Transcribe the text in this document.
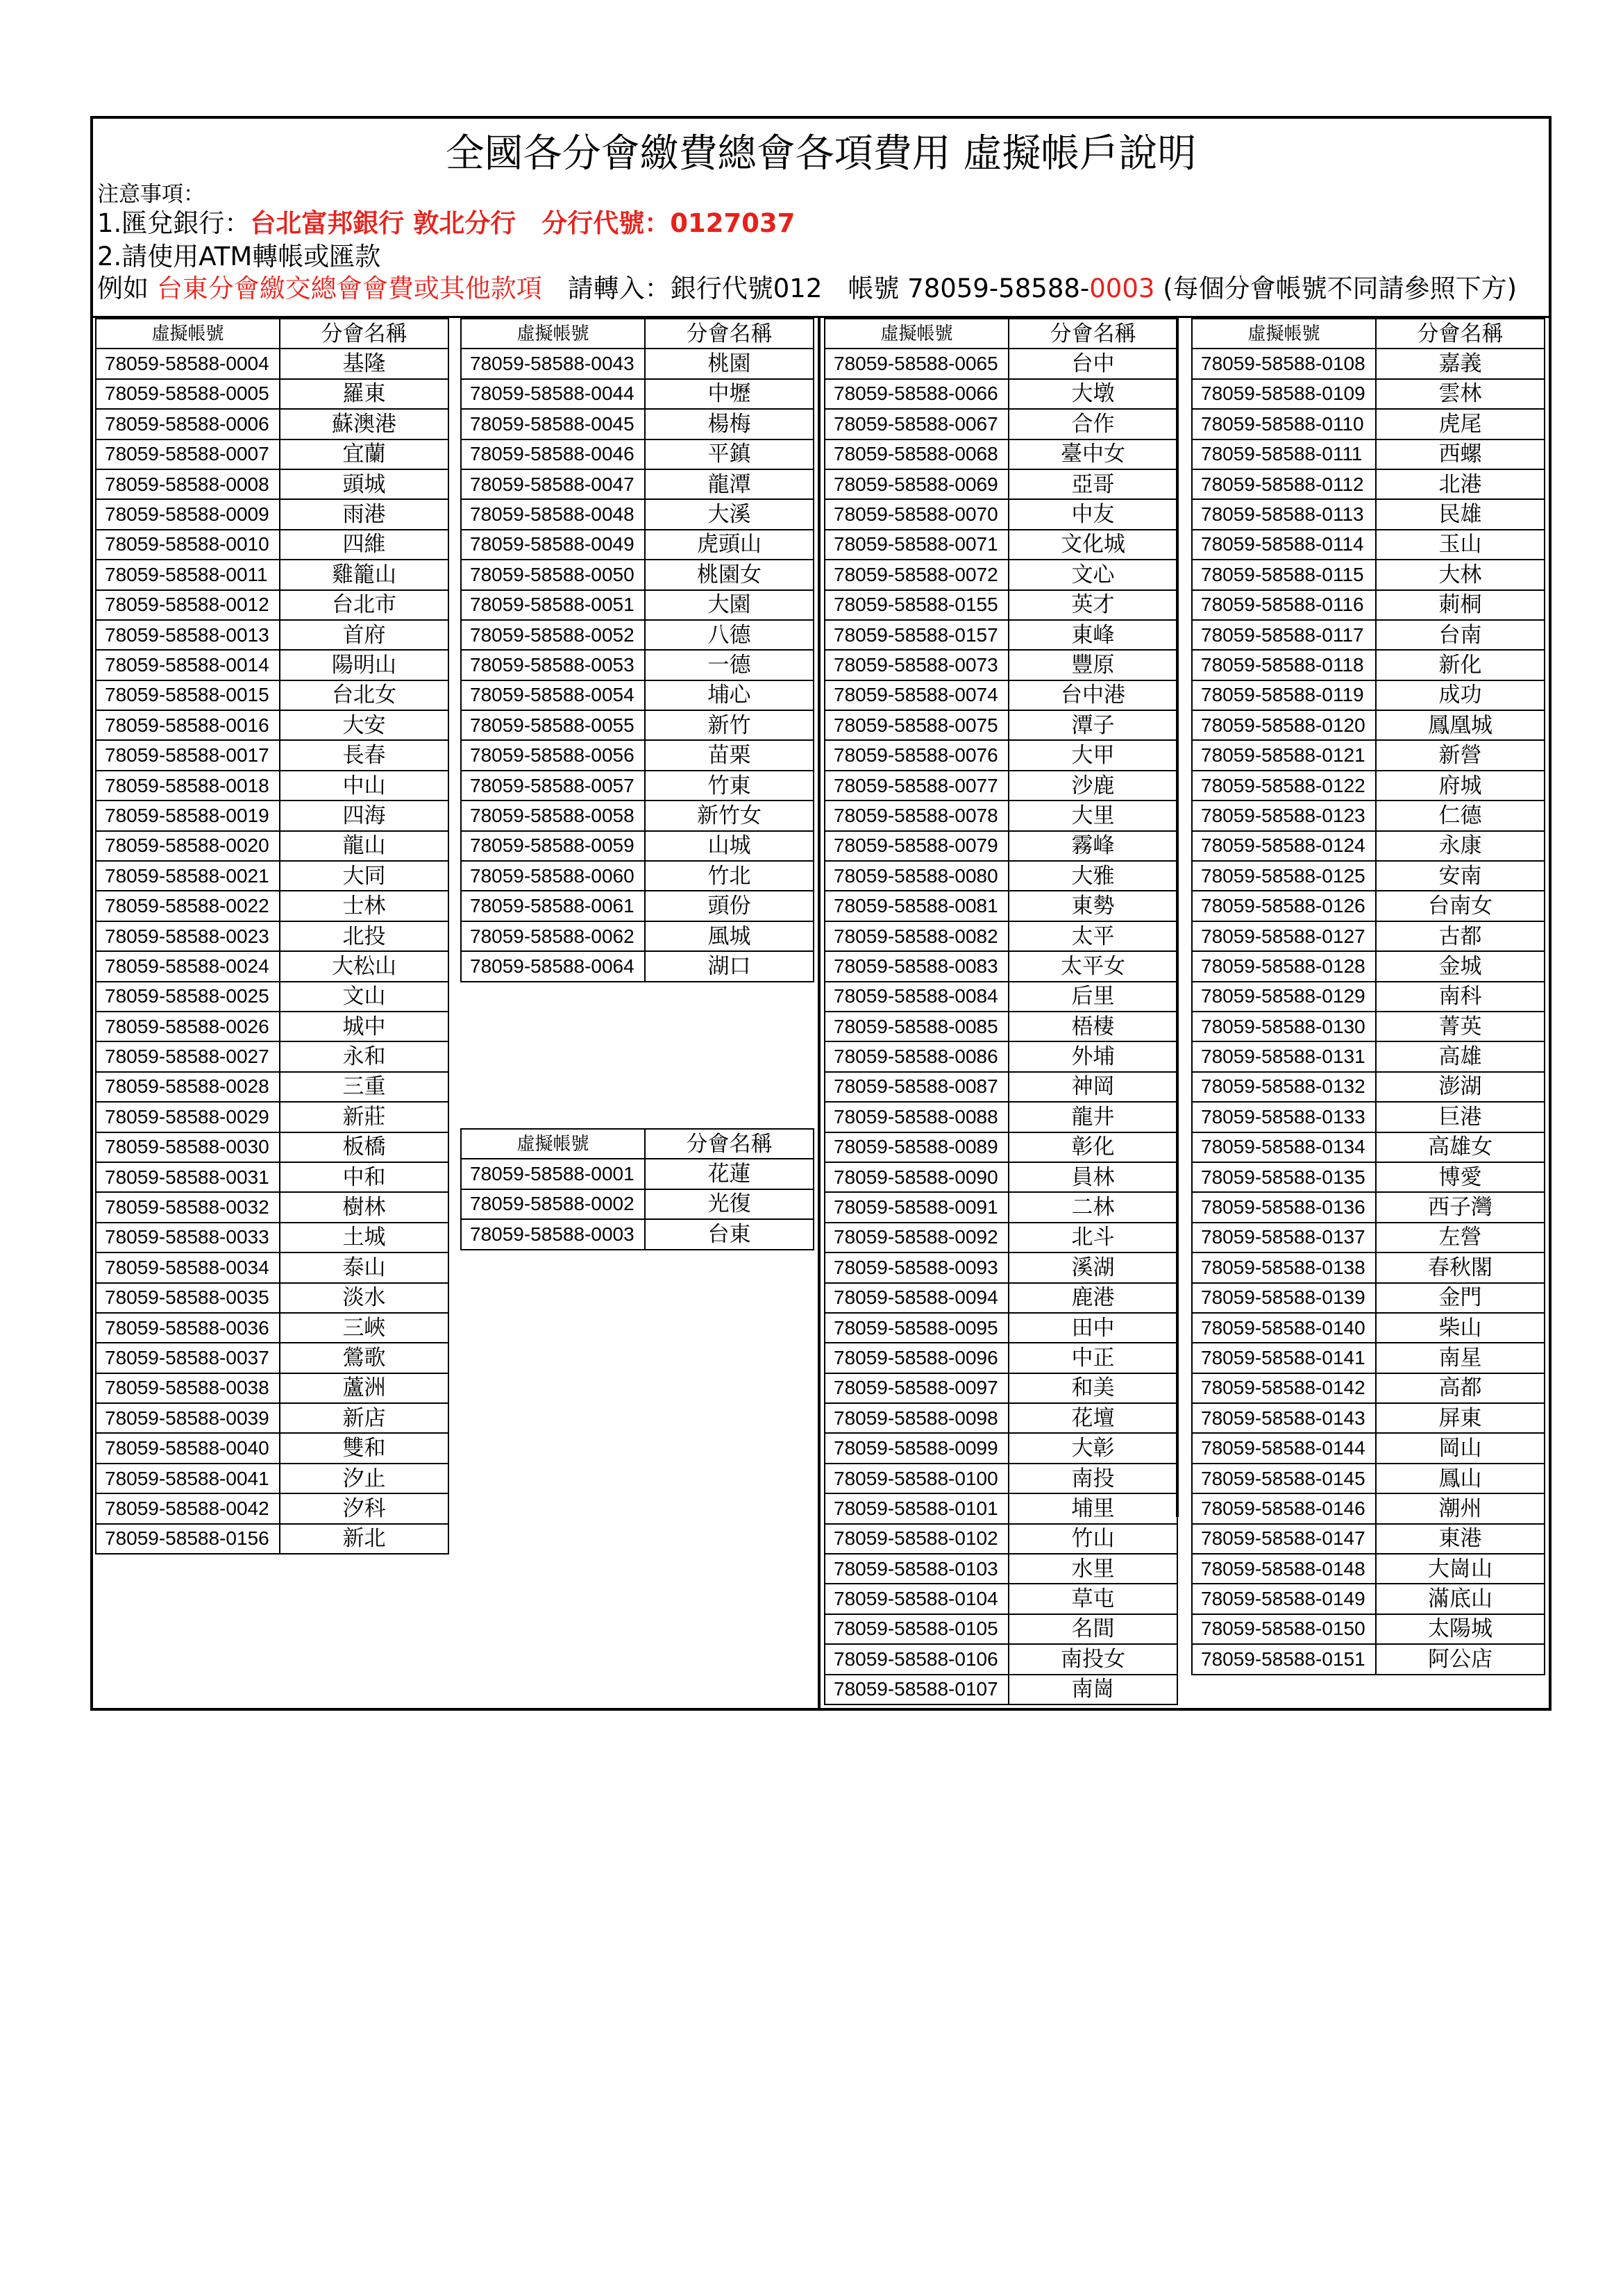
全國各分會繳費總會各項費用 虛擬帳戶說明
注意事項：
1.匯兌銀行：台北富邦銀行 敦北分行　分行代號：0127037
2.請使用ATM轉帳或匯款
例如 台東分會繳交總會會費或其他款項　請轉入：銀行代號012　帳號 78059-58588-0003 (每個分會帳號不同請參照下方)
虛擬帳號	分會名稱
78059-58588-0004	基隆
78059-58588-0005	羅東
78059-58588-0006	蘇澳港
78059-58588-0007	宜蘭
78059-58588-0008	頭城
78059-58588-0009	雨港
78059-58588-0010	四維
78059-58588-0011	雞籠山
78059-58588-0012	台北市
78059-58588-0013	首府
78059-58588-0014	陽明山
78059-58588-0015	台北女
78059-58588-0016	大安
78059-58588-0017	長春
78059-58588-0018	中山
78059-58588-0019	四海
78059-58588-0020	龍山
78059-58588-0021	大同
78059-58588-0022	士林
78059-58588-0023	北投
78059-58588-0024	大松山
78059-58588-0025	文山
78059-58588-0026	城中
78059-58588-0027	永和
78059-58588-0028	三重
78059-58588-0029	新莊
78059-58588-0030	板橋
78059-58588-0031	中和
78059-58588-0032	樹林
78059-58588-0033	土城
78059-58588-0034	泰山
78059-58588-0035	淡水
78059-58588-0036	三峽
78059-58588-0037	鶯歌
78059-58588-0038	蘆洲
78059-58588-0039	新店
78059-58588-0040	雙和
78059-58588-0041	汐止
78059-58588-0042	汐科
78059-58588-0156	新北
虛擬帳號	分會名稱
78059-58588-0043	桃園
78059-58588-0044	中壢
78059-58588-0045	楊梅
78059-58588-0046	平鎮
78059-58588-0047	龍潭
78059-58588-0048	大溪
78059-58588-0049	虎頭山
78059-58588-0050	桃園女
78059-58588-0051	大園
78059-58588-0052	八德
78059-58588-0053	一德
78059-58588-0054	埔心
78059-58588-0055	新竹
78059-58588-0056	苗栗
78059-58588-0057	竹東
78059-58588-0058	新竹女
78059-58588-0059	山城
78059-58588-0060	竹北
78059-58588-0061	頭份
78059-58588-0062	風城
78059-58588-0064	湖口
虛擬帳號	分會名稱
78059-58588-0001	花蓮
78059-58588-0002	光復
78059-58588-0003	台東
虛擬帳號	分會名稱
78059-58588-0065	台中
78059-58588-0066	大墩
78059-58588-0067	合作
78059-58588-0068	臺中女
78059-58588-0069	亞哥
78059-58588-0070	中友
78059-58588-0071	文化城
78059-58588-0072	文心
78059-58588-0155	英才
78059-58588-0157	東峰
78059-58588-0073	豐原
78059-58588-0074	台中港
78059-58588-0075	潭子
78059-58588-0076	大甲
78059-58588-0077	沙鹿
78059-58588-0078	大里
78059-58588-0079	霧峰
78059-58588-0080	大雅
78059-58588-0081	東勢
78059-58588-0082	太平
78059-58588-0083	太平女
78059-58588-0084	后里
78059-58588-0085	梧棲
78059-58588-0086	外埔
78059-58588-0087	神岡
78059-58588-0088	龍井
78059-58588-0089	彰化
78059-58588-0090	員林
78059-58588-0091	二林
78059-58588-0092	北斗
78059-58588-0093	溪湖
78059-58588-0094	鹿港
78059-58588-0095	田中
78059-58588-0096	中正
78059-58588-0097	和美
78059-58588-0098	花壇
78059-58588-0099	大彰
78059-58588-0100	南投
78059-58588-0101	埔里
78059-58588-0102	竹山
78059-58588-0103	水里
78059-58588-0104	草屯
78059-58588-0105	名間
78059-58588-0106	南投女
78059-58588-0107	南崗
虛擬帳號	分會名稱
78059-58588-0108	嘉義
78059-58588-0109	雲林
78059-58588-0110	虎尾
78059-58588-0111	西螺
78059-58588-0112	北港
78059-58588-0113	民雄
78059-58588-0114	玉山
78059-58588-0115	大林
78059-58588-0116	莿桐
78059-58588-0117	台南
78059-58588-0118	新化
78059-58588-0119	成功
78059-58588-0120	鳳凰城
78059-58588-0121	新營
78059-58588-0122	府城
78059-58588-0123	仁德
78059-58588-0124	永康
78059-58588-0125	安南
78059-58588-0126	台南女
78059-58588-0127	古都
78059-58588-0128	金城
78059-58588-0129	南科
78059-58588-0130	菁英
78059-58588-0131	高雄
78059-58588-0132	澎湖
78059-58588-0133	巨港
78059-58588-0134	高雄女
78059-58588-0135	博愛
78059-58588-0136	西子灣
78059-58588-0137	左營
78059-58588-0138	春秋閣
78059-58588-0139	金門
78059-58588-0140	柴山
78059-58588-0141	南星
78059-58588-0142	高都
78059-58588-0143	屏東
78059-58588-0144	岡山
78059-58588-0145	鳳山
78059-58588-0146	潮州
78059-58588-0147	東港
78059-58588-0148	大崗山
78059-58588-0149	滿底山
78059-58588-0150	太陽城
78059-58588-0151	阿公店
